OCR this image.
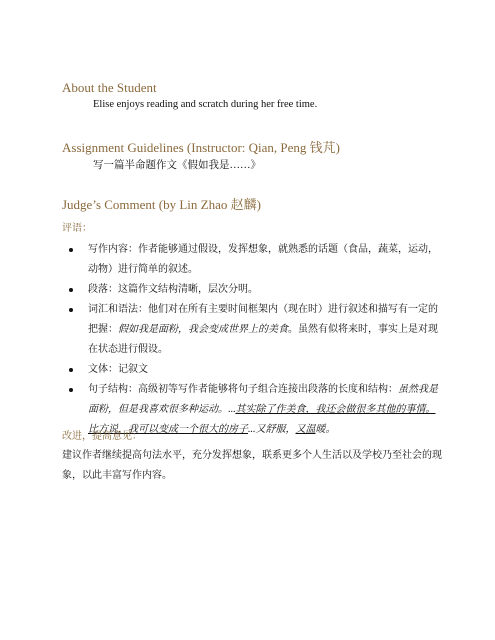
About the Student

Elise enjoys reading and scratch during her free time.

Assignment Guidelines (Instructor: Qian, Peng 钱芃)

写一篇半命题作文《假如我是……》

Judge’s Comment (by Lin Zhao 赵麟)

评语：

写作内容：作者能够通过假设，发挥想象，就熟悉的话题（食品，蔬菜，运动，动物）进行简单的叙述。
段落：这篇作文结构清晰，层次分明。
词汇和语法：他们对在所有主要时间框架内（现在时）进行叙述和描写有一定的把握：假如我是面粉，我会变成世界上的美食。虽然有似将来时，事实上是对现在状态进行假设。
文体：记叙文
句子结构：高级初等写作者能够将句子组合连接出段落的长度和结构：虽然我是面粉，但是我喜欢很多种运动。...其实除了作美食，我还会做很多其他的事情。比方说，我可以变成一个很大的房子...又舒服，又温暖。

改进，提高意见：

建议作者继续提高句法水平，充分发挥想象，联系更多个人生活以及学校乃至社会的现象，以此丰富写作内容。
